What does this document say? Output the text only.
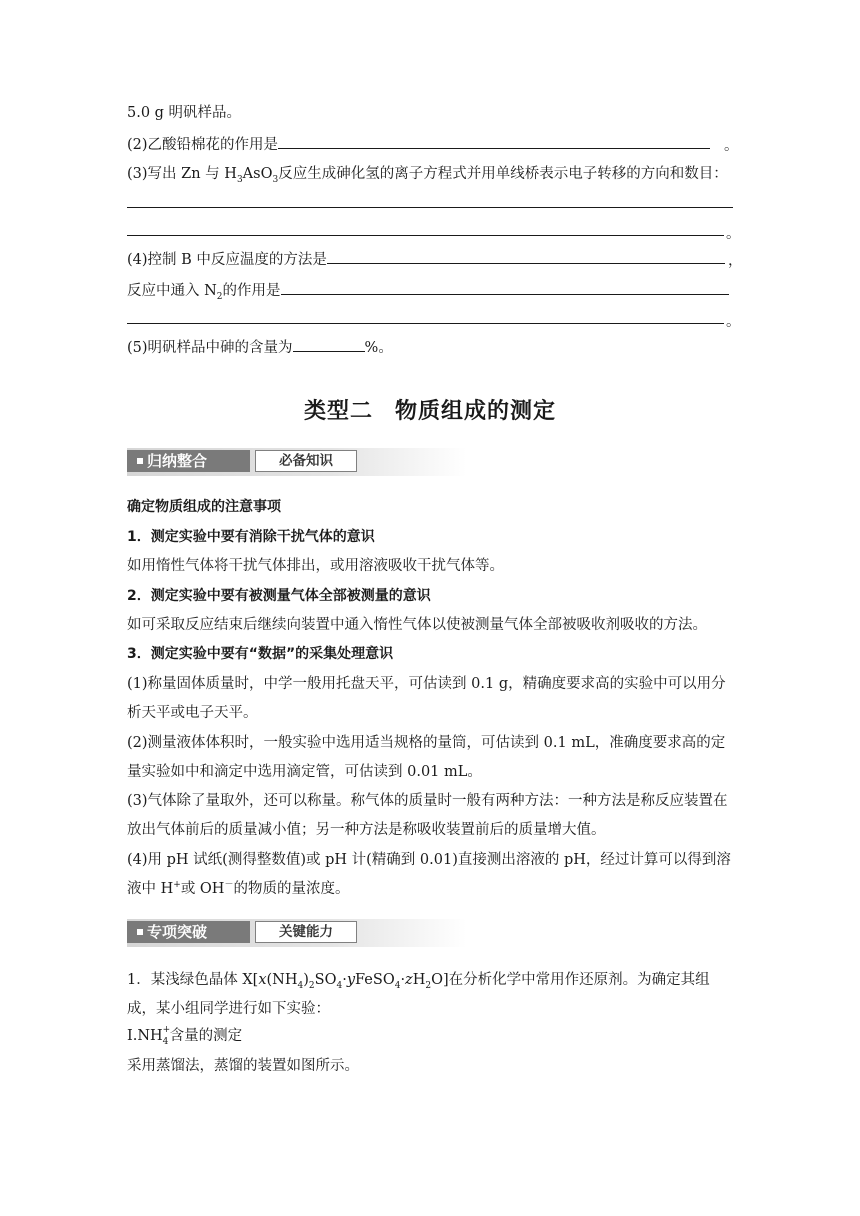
5.0 g 明矾样品。
(2)乙酸铅棉花的作用是	。
(3)写出 Zn 与 $H_3AsO_3$反应生成砷化氢的离子方程式并用单线桥表示电子转移的方向和数目：
。
(4)控制 B 中反应温度的方法是	，
反应中通入 $N_2$的作用是
。
(5)明矾样品中砷的含量为	%。
类型二 物质组成的测定
归纳整合	必备知识
确定物质组成的注意事项
1．测定实验中要有消除干扰气体的意识
如用惰性气体将干扰气体排出，或用溶液吸收干扰气体等。
2．测定实验中要有被测量气体全部被测量的意识
如可采取反应结束后继续向装置中通入惰性气体以使被测量气体全部被吸收剂吸收的方法。
3．测定实验中要有“数据”的采集处理意识
(1)称量固体质量时，中学一般用托盘天平，可估读到 0.1 g，精确度要求高的实验中可以用分析天平或电子天平。
(2)测量液体体积时，一般实验中选用适当规格的量筒，可估读到 0.1 mL，准确度要求高的定量实验如中和滴定中选用滴定管，可估读到 0.01 mL。
(3)气体除了量取外，还可以称量。称气体的质量时一般有两种方法：一种方法是称反应装置在放出气体前后的质量减小值；另一种方法是称吸收装置前后的质量增大值。
(4)用 pH 试纸(测得整数值)或 pH 计(精确到 0.01)直接测出溶液的 pH，经过计算可以得到溶液中 H+或 OH－的物质的量浓度。
专项突破	关键能力
1．某浅绿色晶体 $X[x(NH_4)_2SO_4\cdot yFeSO_4\cdot zH_2O]$在分析化学中常用作还原剂。为确定其组成，某小组同学进行如下实验：
Ⅰ.NH +
4 含量的测定
采用蒸馏法，蒸馏的装置如图所示。
